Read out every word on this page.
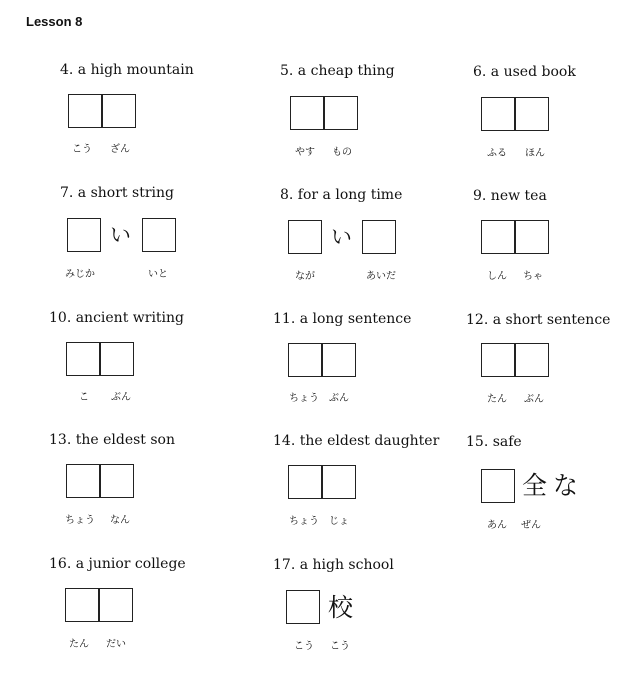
Lesson 8
4. a high mountain
こう ざん
5. a cheap thing
やす もの
6. a used book
ふる ほん
7. a short string
い
みじか	いと
8. for a long time
い
なが	あいだ
9. new tea
しん ちゃ
10. ancient writing
こ ぶん
11. a long sentence
ちょう ぶん
12. a short sentence
たん ぶん
13. the eldest son
ちょう なん
14. the eldest daughter
ちょう じょ
15. safe
全 な
あん ぜん
16. a junior college
たん だい
17. a high school
校
こう こう
